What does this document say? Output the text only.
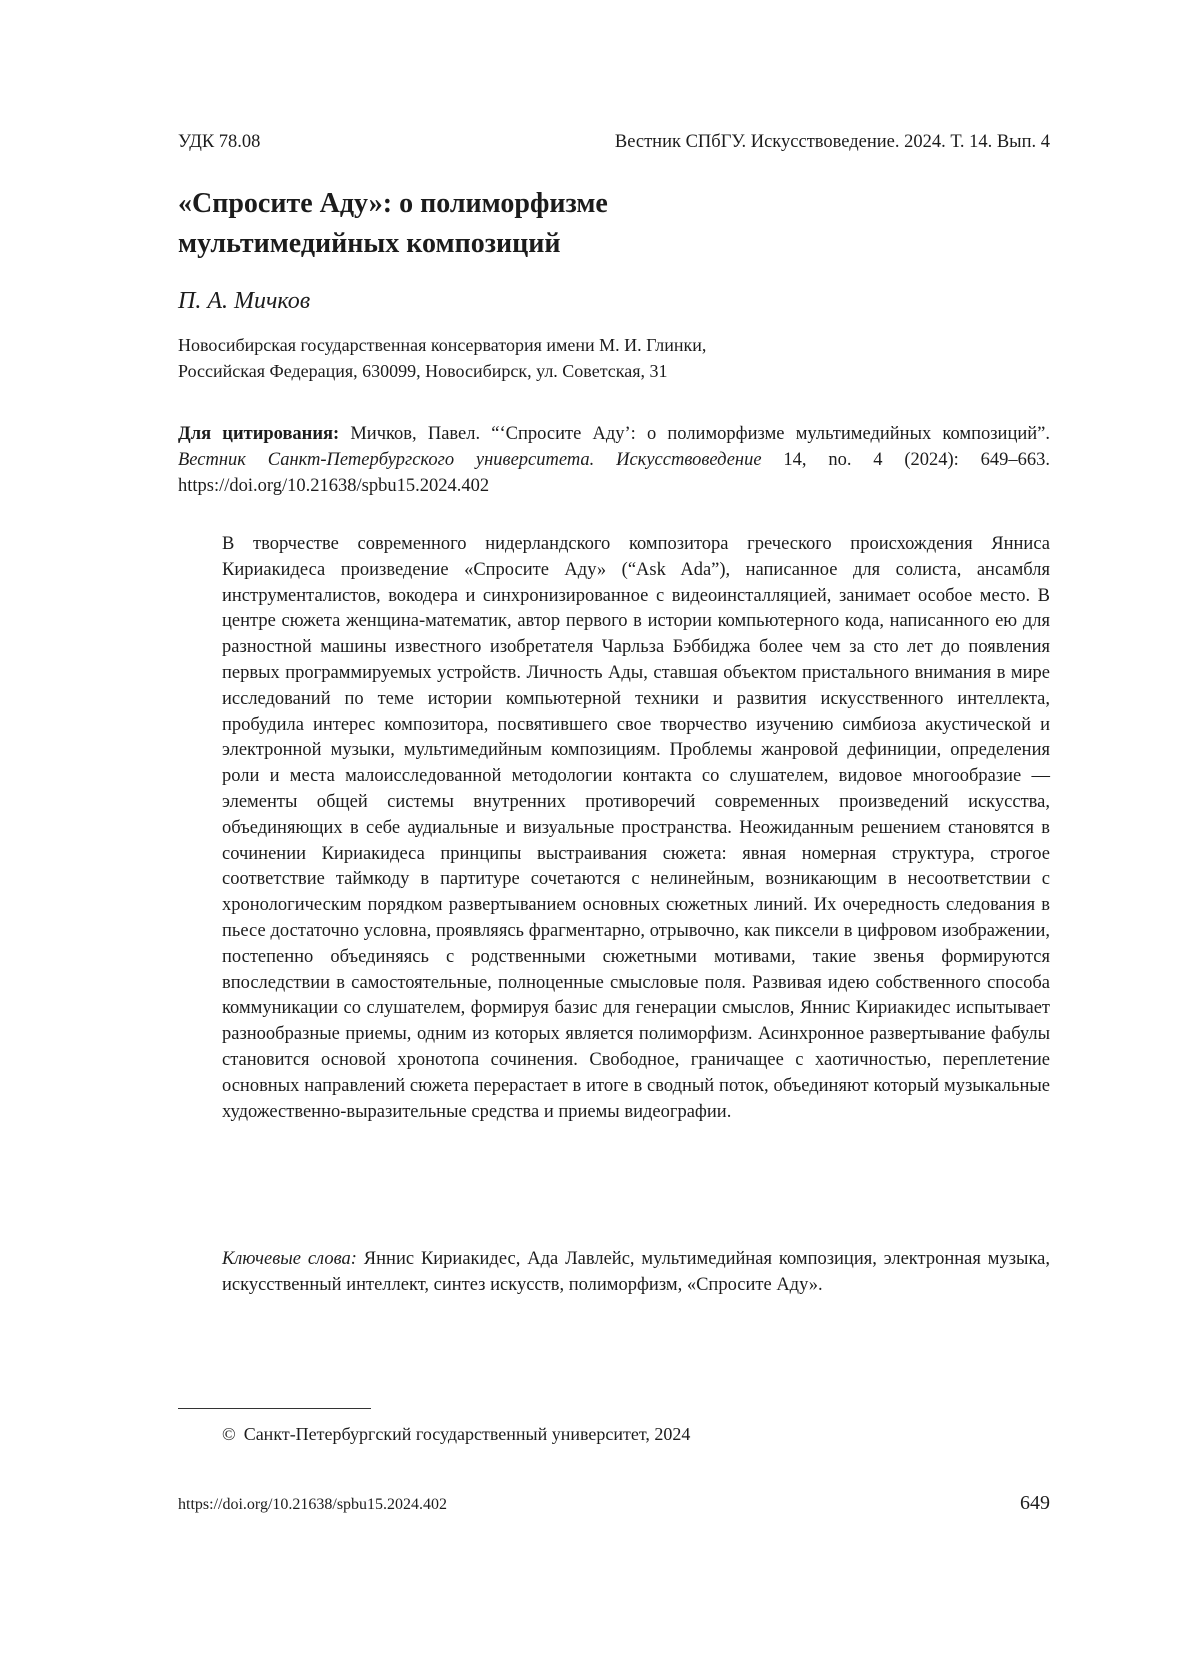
УДК 78.08	Вестник СПбГУ. Искусствоведение. 2024. Т. 14. Вып. 4
«Спросите Аду»: о полиморфизме
мультимедийных композиций
П. А. Мичков
Новосибирская государственная консерватория имени М. И. Глинки,
Российская Федерация, 630099, Новосибирск, ул. Советская, 31
Для цитирования: Мичков, Павел. “‘Спросите Аду’: о полиморфизме мультимедийных композиций”. Вестник Санкт-Петербургского университета. Искусствоведение 14, no. 4 (2024): 649–663. https://doi.org/10.21638/spbu15.2024.402

В творчестве современного нидерландского композитора греческого происхождения Янниса Кириакидеса произведение «Спросите Аду» (“Ask Ada”), написанное для солиста, ансамбля инструменталистов, вокодера и синхронизированное с видеоинсталляцией, занимает особое место. В центре сюжета женщина-математик, автор первого в истории компьютерного кода, написанного ею для разностной машины известного изобретателя Чарльза Бэббиджа более чем за сто лет до появления первых программируемых устройств. Личность Ады, ставшая объектом пристального внимания в мире исследований по теме истории компьютерной техники и развития искусственного интеллекта, пробудила интерес композитора, посвятившего свое творчество изучению симбиоза акустической и электронной музыки, мультимедийным композициям. Проблемы жанровой дефиниции, определения роли и места малоисследованной методологии контакта со слушателем, видовое многообразие — элементы общей системы внутренних противоречий современных произведений искусства, объединяющих в себе аудиальные и визуальные пространства. Неожиданным решением становятся в сочинении Кириакидеса принципы выстраивания сюжета: явная номерная структура, строгое соответствие таймкоду в партитуре сочетаются с нелинейным, возникающим в несоответствии с хронологическим порядком развертыванием основных сюжетных линий. Их очередность следования в пьесе достаточно условна, проявляясь фрагментарно, отрывочно, как пиксели в цифровом изображении, постепенно объединяясь с родственными сюжетными мотивами, такие звенья формируются впоследствии в самостоятельные, полноценные смысловые поля. Развивая идею собственного способа коммуникации со слушателем, формируя базис для генерации смыслов, Яннис Кириакидес испытывает разнообразные приемы, одним из которых является полиморфизм. Асинхронное развертывание фабулы становится основой хронотопа сочинения. Свободное, граничащее с хаотичностью, переплетение основных направлений сюжета перерастает в итоге в сводный поток, объединяют который музыкальные художественно-выразительные средства и приемы видеографии.

Ключевые слова: Яннис Кириакидес, Ада Лавлейс, мультимедийная композиция, электронная музыка, искусственный интеллект, синтез искусств, полиморфизм, «Спросите Аду».
© Санкт-Петербургский государственный университет, 2024
https://doi.org/10.21638/spbu15.2024.402	649
